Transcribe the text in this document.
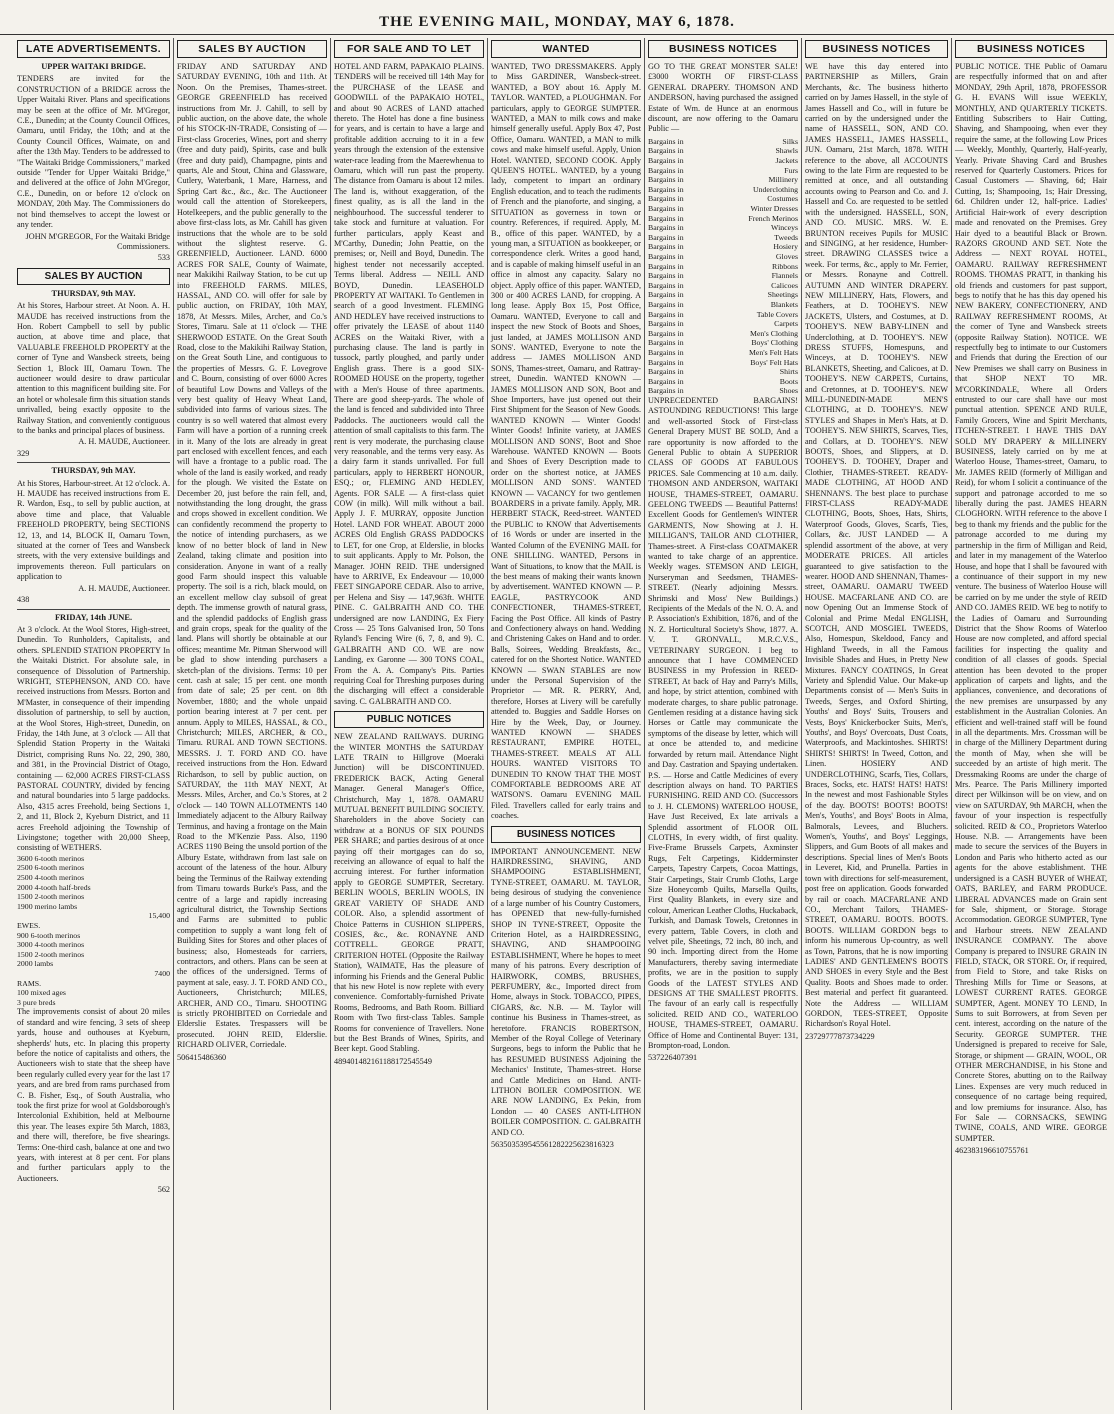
THE EVENING MAIL, MONDAY, MAY 6, 1878.
LATE ADVERTISEMENTS.
UPPER WAITAKI BRIDGE.
TENDERS are invited for the CONSTRUCTION of a BRIDGE across the Upper Waitaki River. Plans and specifications may be seen at the office of Mr. M'Gregor, C.E., Dunedin; at the County Council Offices, Oamaru, until Friday, the 10th; and at the County Council Offices, Waimate, on and after the 13th May. Tenders to be addressed to "The Waitaki Bridge Commissioners," marked outside "Tender for Upper Waitaki Bridge," and delivered at the office of John M'Gregor, C.E., Dunedin, on or before 12 o'clock on MONDAY, 20th May. The Commissioners do not bind themselves to accept the lowest or any tender.
JOHN M'GREGOR, For the Waitaki Bridge Commissioners.
533
SALES BY AUCTION
THURSDAY, 9th MAY.
At his Stores, Harbour street. At Noon. A. H. MAUDE has received instructions from the Hon. Robert Campbell to sell by public auction, at above time and place, that VALUABLE FREEHOLD PROPERTY at the corner of Tyne and Wansbeck streets, being Section 1, Block III, Oamaru Town. The auctioneer would desire to draw particular attention to this magnificent building site. For an hotel or wholesale firm this situation stands unrivalled, being exactly opposite to the Railway Station, and conveniently contiguous to the banks and principal places of business.
A. H. MAUDE, Auctioneer.
329
THURSDAY, 9th MAY.
At his Stores, Harbour-street. At 12 o'clock. A. H. MAUDE has received instructions from E. R. Wardon, Esq., to sell by public auction, at above time and place, that Valuable FREEHOLD PROPERTY, being SECTIONS 12, 13, and 14, BLOCK II, Oamaru Town, situated at the corner of Tees and Wansbeck streets, with the very extensive buildings and improvements thereon. Full particulars on application to
A. H. MAUDE, Auctioneer.
438
FRIDAY, 14th JUNE.
At 3 o'clock. At the Wool Stores, High-street, Dunedin. To Runholders, Capitalists, and others. SPLENDID STATION PROPERTY In the Waitaki District. For absolute sale, in consequence of Dissolution of Partnership. WRIGHT, STEPHENSON, AND CO. have received instructions from Messrs. Borton and M'Master, in consequence of their impending dissolution of partnership, to sell by auction, at the Wool Stores, High-street, Dunedin, on Friday, the 14th June, at 3 o'clock — All that Splendid Station Property in the Waitaki District, comprising Runs No. 22, 290, 380, and 381, in the Provincial District of Otago, containing — 62,000 ACRES FIRST-CLASS PASTORAL COUNTRY, divided by fencing and natural boundaries into 5 large paddocks. Also, 4315 acres Freehold, being Sections 1, 2, and 11, Block 2, Kyeburn District, and 11 acres Freehold adjoining the Township of Livingstone; together with 20,000 Sheep, consisting of WETHERS.
3600 6-tooth merinos
2500 6-tooth merinos
2500 4-tooth merinos
2000 4-tooth half-breds
1500 2-tooth merinos
1900 merino lambs
15,400
EWES.
900 6-tooth merinos
3000 4-tooth merinos
1500 2-tooth merinos
2000 lambs
7400
RAMS.
100 mixed ages
3 pure breds
The improvements consist of about 20 miles of standard and wire fencing, 3 sets of sheep yards, house and outhouses at Kyeburn, shepherds' huts, etc. In placing this property before the notice of capitalists and others, the Auctioneers wish to state that the sheep have been regularly culled every year for the last 17 years, and are bred from rams purchased from C. B. Fisher, Esq., of South Australia, who took the first prize for wool at Goldsborough's Intercolonial Exhibition, held at Melbourne this year. The leases expire 5th March, 1883, and there will, therefore, be five shearings. Terms: One-third cash, balance at one and two years, with interest at 8 per cent. For plans and further particulars apply to the Auctioneers.
562
SALES BY AUCTION
FRIDAY AND SATURDAY AND SATURDAY EVENING, 10th and 11th. At Noon. On the Premises, Thames-street. GEORGE GREENFIELD has received instructions from Mr. J. Cahill, to sell by public auction, on the above date, the whole of his STOCK-IN-TRADE, Consisting of — First-class Groceries, Wines, port and sherry (free and duty paid), Spirits, case and bulk (free and duty paid), Champagne, pints and quarts, Ale and Stout, China and Glassware, Cutlery, Waterbank, 1 Mare, Harness, and Spring Cart &c., &c., &c. The Auctioneer would call the attention of Storekeepers, Hotelkeepers, and the public generally to the above first-class lots, as Mr. Cahill has given instructions that the whole are to be sold without the slightest reserve. G. GREENFIELD, Auctioneer. LAND. 6000 ACRES FOR SALE, County of Waimate, near Makikihi Railway Station, to be cut up into FREEHOLD FARMS. MILES, HASSAL, AND CO. will offer for sale by public auction, on FRIDAY, 10th MAY, 1878, At Messrs. Miles, Archer, and Co.'s Stores, Timaru. Sale at 11 o'clock — THE SHERWOOD ESTATE. On the Great South Road, close to the Makikihi Railway Station, on the Great South Line, and contiguous to the properties of Messrs. G. F. Lovegrove and C. Bourn, consisting of over 6000 Acres of beautiful Low Downs and Valleys of the very best quality of Heavy Wheat Land, subdivided into farms of various sizes. The country is so well watered that almost every Farm will have a portion of a running creek in it. Many of the lots are already in great part enclosed with excellent fences, and each will have a frontage to a public road. The whole of the land is easily worked, and ready for the plough. We visited the Estate on December 20, just before the rain fell, and, notwithstanding the long drought, the grass and crops showed in excellent condition. We can confidently recommend the property to the notice of intending purchasers, as we know of no better block of land in New Zealand, taking climate and position into consideration. Anyone in want of a really good Farm should inspect this valuable property. The soil is a rich, black mould, on an excellent mellow clay subsoil of great depth. The immense growth of natural grass, and the splendid paddocks of English grass and grain crops, speak for the quality of the land. Plans will shortly be obtainable at our offices; meantime Mr. Pitman Sherwood will be glad to show intending purchasers a sketch-plan of the divisions. Terms: 10 per cent. cash at sale; 15 per cent. one month from date of sale; 25 per cent. on 8th November, 1880; and the whole unpaid portion bearing interest at 7 per cent. per annum. Apply to MILES, HASSAL, & CO., Christchurch; MILES, ARCHER, & CO., Timaru. RURAL AND TOWN SECTIONS. MESSRS. J. T. FORD AND CO. have received instructions from the Hon. Edward Richardson, to sell by public auction, on SATURDAY, the 11th MAY NEXT, At Messrs. Miles, Archer, and Co.'s Stores, at 2 o'clock — 140 TOWN ALLOTMENTS 140 Immediately adjacent to the Albury Railway Terminus, and having a frontage on the Main Road to the M'Kenzie Pass. Also, 1190 ACRES 1190 Being the unsold portion of the Albury Estate, withdrawn from last sale on account of the lateness of the hour. Albury being the Terminus of the Railway extending from Timaru towards Burke's Pass, and the centre of a large and rapidly increasing agricultural district, the Township Sections and Farms are submitted to public competition to supply a want long felt of Building Sites for Stores and other places of business; also, Homesteads for carriers, contractors, and others. Plans can be seen at the offices of the undersigned. Terms of payment at sale, easy. J. T. FORD AND CO., Auctioneers, Christchurch; MILES, ARCHER, AND CO., Timaru. SHOOTING is strictly PROHIBITED on Corriedale and Elderslie Estates. Trespassers will be prosecuted. JOHN REID, Elderslie. RICHARD OLIVER, Corriedale.
506415486360
FOR SALE AND TO LET
HOTEL AND FARM, PAPAKAIO PLAINS. TENDERS will be received till 14th May for the PURCHASE of the LEASE and GOODWILL of the PAPAKAIO HOTEL, and about 90 ACRES of LAND attached thereto. The Hotel has done a fine business for years, and is certain to have a large and profitable addition accruing to it in a few years through the extension of the extensive water-race leading from the Maerewhenua to Oamaru, which will run past the property. The distance from Oamaru is about 12 miles. The land is, without exaggeration, of the finest quality, as is all the land in the neighbourhood. The successful tenderer to take stock and furniture at valuation. For further particulars, apply Keast and M'Carthy, Dunedin; John Peattie, on the premises; or, Neill and Boyd, Dunedin. The highest tender not necessarily accepted. Terms liberal. Address — NEILL AND BOYD, Dunedin. LEASEHOLD PROPERTY AT WAITAKI. To Gentlemen in search of a good Investment. FLEMING AND HEDLEY have received instructions to offer privately the LEASE of about 1140 ACRES on the Waitaki River, with a purchasing clause. The land is partly in tussock, partly ploughed, and partly under English grass. There is a good SIX-ROOMED HOUSE on the property, together with a Men's House of three apartments. There are good sheep-yards. The whole of the land is fenced and subdivided into Three Paddocks. The auctioneers would call the attention of small capitalists to this farm. The rent is very moderate, the purchasing clause very reasonable, and the terms very easy. As a dairy farm it stands unrivalled. For full particulars, apply to HERBERT HONOUR, ESQ.; or, FLEMING AND HEDLEY, Agents. FOR SALE — A first-class quiet COW (in milk). Will milk without a bail. Apply J. F. MURRAY, opposite Junction Hotel. LAND FOR WHEAT. ABOUT 2000 ACRES Old English GRASS PADDOCKS to LET, for one Crop, at Elderslie, in blocks to suit applicants. Apply to Mr. Polson, the Manager. JOHN REID. THE undersigned have to ARRIVE, Ex Endeavour — 10,000 FEET SINGAPORE CEDAR. Also to arrive, per Helena and Sisy — 147,963ft. WHITE PINE. C. GALBRAITH AND CO. THE undersigned are now LANDING, Ex Fiery Cross — 25 Tons Galvanised Iron, 50 Tons Ryland's Fencing Wire (6, 7, 8, and 9). C. GALBRAITH AND CO. WE are now Landing, ex Garonne — 300 TONS COAL, From the A. A. Company's Pits. Parties requiring Coal for Threshing purposes during the discharging will effect a considerable saving. C. GALBRAITH AND CO.
PUBLIC NOTICES
NEW ZEALAND RAILWAYS. DURING the WINTER MONTHS the SATURDAY LATE TRAIN to Hillgrove (Moeraki Junction) will be DISCONTINUED. FREDERICK BACK, Acting General Manager. General Manager's Office, Christchurch, May 1, 1878. OAMARU MUTUAL BENEFIT BUILDING SOCIETY. Shareholders in the above Society can withdraw at a BONUS OF SIX POUNDS PER SHARE; and parties desirous of at once paying off their mortgages can do so, receiving an allowance of equal to half the accruing interest. For further information apply to GEORGE SUMPTER, Secretary. BERLIN WOOLS, BERLIN WOOLS, IN GREAT VARIETY OF SHADE AND COLOR. Also, a splendid assortment of Choice Patterns in CUSHION SLIPPERS, COSIES, &c., &c. RONAYNE AND COTTRELL. GEORGE PRATT, CRITERION HOTEL (Opposite the Railway Station), WAIMATE, Has the pleasure of informing his Friends and the General Public that his new Hotel is now replete with every convenience. Comfortably-furnished Private Rooms, Bedrooms, and Bath Room. Billiard Room with Two first-class Tables. Sample Rooms for convenience of Travellers. None but the Best Brands of Wines, Spirits, and Beer kept. Good Stabling.
489401482161188172545549
WANTED
WANTED, TWO DRESSMAKERS. Apply to Miss GARDINER, Wansbeck-street. WANTED, a BOY about 16. Apply M. TAYLOR. WANTED, a PLOUGHMAN. For particulars, apply to GEORGE SUMPTER. WANTED, a MAN to milk cows and make himself generally useful. Apply Box 47, Post Office, Oamaru. WANTED, a MAN to milk cows and make himself useful. Apply, Union Hotel. WANTED, SECOND COOK. Apply QUEEN'S HOTEL. WANTED, by a young lady, competent to impart an ordinary English education, and to teach the rudiments of French and the pianoforte, and singing, a SITUATION as governess in town or country. References, if required. Apply, M. B., office of this paper. WANTED, by a young man, a SITUATION as bookkeeper, or correspondence clerk. Writes a good hand, and is capable of making himself useful in an office in almost any capacity. Salary no object. Apply office of this paper. WANTED, 300 or 400 ACRES LAND, for cropping. A long lease. Apply Box 15, Post Office, Oamaru. WANTED, Everyone to call and inspect the new Stock of Boots and Shoes, just landed, at JAMES MOLLISON AND SONS'. WANTED, Everyone to note the address — JAMES MOLLISON AND SONS, Thames-street, Oamaru, and Rattray-street, Dunedin. WANTED KNOWN — JAMES MOLLISON AND SON, Boot and Shoe Importers, have just opened out their First Shipment for the Season of New Goods. WANTED KNOWN — Winter Goods! Winter Goods! Infinite variety, at JAMES MOLLISON AND SONS', Boot and Shoe Warehouse. WANTED KNOWN — Boots and Shoes of Every Description made to order on the shortest notice, at JAMES MOLLISON AND SONS'. WANTED KNOWN — VACANCY for two gentlemen BOARDERS in a private family. Apply, MR. HERBERT STACK, Reed-street. WANTED the PUBLIC to KNOW that Advertisements of 16 Words or under are inserted in the Wanted Column of the EVENING MAIL for ONE SHILLING. WANTED, Persons in Want of Situations, to know that the MAIL is the best means of making their wants known by advertisement. WANTED KNOWN — P. EAGLE, PASTRYCOOK AND CONFECTIONER, THAMES-STREET, Facing the Post Office. All kinds of Pastry and Confectionery always on hand. Wedding and Christening Cakes on Hand and to order. Balls, Soirees, Wedding Breakfasts, &c., catered for on the Shortest Notice. WANTED KNOWN — SWAN STABLES are now under the Personal Supervision of the Proprietor — MR. R. PERRY, And, therefore, Horses at Livery will be carefully attended to. Buggies and Saddle Horses on Hire by the Week, Day, or Journey. WANTED KNOWN — SHADES RESTAURANT, EMPIRE HOTEL, THAMES-STREET. MEALS AT ALL HOURS. WANTED VISITORS TO DUNEDIN TO KNOW THAT THE MOST COMFORTABLE BEDROOMS ARE AT WATSON'S. Oamaru EVENING MAIL Filed. Travellers called for early trains and coaches.
BUSINESS NOTICES
IMPORTANT ANNOUNCEMENT. NEW HAIRDRESSING, SHAVING, AND SHAMPOOING ESTABLISHMENT, TYNE-STREET, OAMARU. M. TAYLOR, being desirous of studying the convenience of a large number of his Country Customers, has OPENED that new-fully-furnished SHOP IN TYNE-STREET, Opposite the Criterion Hotel, as a HAIRDRESSING, SHAVING, AND SHAMPOOING ESTABLISHMENT, Where he hopes to meet many of his patrons. Every description of HAIRWORK, COMBS, BRUSHES, PERFUMERY, &c., Imported direct from Home, always in Stock. TOBACCO, PIPES, CIGARS, &c. N.B. — M. Taylor will continue his Business in Thames-street, as heretofore. FRANCIS ROBERTSON, Member of the Royal College of Veterinary Surgeons, begs to inform the Public that he has RESUMED BUSINESS Adjoining the Mechanics' Institute, Thames-street. Horse and Cattle Medicines on Hand. ANTI-LITHON BOILER COMPOSITION. WE ARE NOW LANDING, Ex Pekin, from London — 40 CASES ANTI-LITHON BOILER COMPOSITION. C. GALBRAITH AND CO.
563503539545561282225623816323
BUSINESS NOTICES
GO TO THE GREAT MONSTER SALE! £3000 WORTH OF FIRST-CLASS GENERAL DRAPERY. THOMSON AND ANDERSON, having purchased the assigned Estate of Wm. de Hunce at an enormous discount, are now offering to the Oamaru Public —
Bargains in	Silks
Bargains in	Shawls
Bargains in	Jackets
Bargains in	Furs
Bargains in	Millinery
Bargains in	Underclothing
Bargains in	Costumes
Bargains in	Winter Dresses
Bargains in	French Merinos
Bargains in	Winceys
Bargains in	Tweeds
Bargains in	Hosiery
Bargains in	Gloves
Bargains in	Ribbons
Bargains in	Flannels
Bargains in	Calicoes
Bargains in	Sheetings
Bargains in	Blankets
Bargains in	Table Covers
Bargains in	Carpets
Bargains in	Men's Clothing
Bargains in	Boys' Clothing
Bargains in	Men's Felt Hats
Bargains in	Boys' Felt Hats
Bargains in	Shirts
Bargains in	Boots
Bargains in	Shoes
UNPRECEDENTED BARGAINS! ASTOUNDING REDUCTIONS! This large and well-assorted Stock of First-class General Drapery MUST BE SOLD, And a rare opportunity is now afforded to the General Public to obtain A SUPERIOR CLASS OF GOODS AT FABULOUS PRICES. Sale Commencing at 10 a.m. daily. THOMSON AND ANDERSON, WAITAKI HOUSE, THAMES-STREET, OAMARU. GEELONG TWEEDS — Beautiful Patterns! Excellent Goods for Gentlemen's WINTER GARMENTS, Now Showing at J. H. MILLIGAN'S, TAILOR AND CLOTHIER, Thames-street. A First-class COATMAKER wanted to take charge of an apprentice. Weekly wages. STEMSON AND LEIGH, Nurseryman and Seedsmen, THAMES-STREET. (Nearly adjoining Messrs. Shrimski and Moss' New Buildings.) Recipients of the Medals of the N. O. A. and P. Association's Exhibition, 1876, and of the N. Z. Horticultural Society's Show, 1877. A. V. T. GRONVALL, M.R.C.V.S., VETERINARY SURGEON. I beg to announce that I have COMMENCED BUSINESS in my Profession in REED-STREET, At back of Hay and Parry's Mills, and hope, by strict attention, combined with moderate charges, to share public patronage. Gentlemen residing at a distance having sick Horses or Cattle may communicate the symptoms of the disease by letter, which will at once be attended to, and medicine forwarded by return mail. Attendance Night and Day. Castration and Spaying undertaken. P.S. — Horse and Cattle Medicines of every description always on hand. TO PARTIES FURNISHING. REID AND CO. (Successors to J. H. CLEMONS) WATERLOO HOUSE, Have Just Received, Ex late arrivals a Splendid assortment of FLOOR OIL CLOTHS, In every width, of first quality. Five-Frame Brussels Carpets, Axminster Rugs, Felt Carpetings, Kidderminster Carpets, Tapestry Carpets, Cocoa Mattings, Stair Carpetings, Stair Crumb Cloths, Large Size Honeycomb Quilts, Marsella Quilts, First Quality Blankets, in every size and colour, American Leather Cloths, Huckaback, Turkish, and Damask Towels, Cretonnes in every pattern, Table Covers, in cloth and velvet pile, Sheetings, 72 inch, 80 inch, and 90 inch. Importing direct from the Home Manufacturers, thereby saving intermediate profits, we are in the position to supply Goods of the LATEST STYLES AND DESIGNS AT THE SMALLEST PROFITS. The favour of an early call is respectfully solicited. REID AND CO., WATERLOO HOUSE, THAMES-STREET, OAMARU. Office of Home and Continental Buyer: 131, Brompton-road, London.
537226407391
BUSINESS NOTICES
WE have this day entered into PARTNERSHIP as Millers, Grain Merchants, &c. The business hitherto carried on by James Hassell, in the style of James Hassell and Co., will in future be carried on by the undersigned under the name of HASSELL, SON, AND CO. JAMES HASSELL, JAMES HASSELL, JUN. Oamaru, 21st March, 1878. WITH reference to the above, all ACCOUNTS owing to the late Firm are requested to be remitted at once, and all outstanding accounts owing to Pearson and Co. and J. Hassell and Co. are requested to be settled with the undersigned. HASSELL, SON, AND CO. MUSIC. MRS. W. E. BRUNTON receives Pupils for MUSIC and SINGING, at her residence, Humber-street. DRAWING CLASSES twice a week. For terms, &c., apply to Mr. Ferrier, or Messrs. Ronayne and Cottrell. AUTUMN AND WINTER DRAPERY. NEW MILLINERY, Hats, Flowers, and Feathers, at D. TOOHEY'S. NEW JACKETS, Ulsters, and Costumes, at D. TOOHEY'S. NEW BABY-LINEN and Underclothing, at D. TOOHEY'S. NEW DRESS STUFFS, Homespuns, and Winceys, at D. TOOHEY'S. NEW BLANKETS, Sheeting, and Calicoes, at D. TOOHEY'S. NEW CARPETS, Curtains, and Cretonnes, at D. TOOHEY'S. NEW MILL-DUNEDIN-MADE MEN'S CLOTHING, at D. TOOHEY'S. NEW STYLES and Shapes in Men's Hats, at D. TOOHEY'S. NEW SHIRTS, Scarves, Ties, and Collars, at D. TOOHEY'S. NEW BOOTS, Shoes, and Slippers, at D. TOOHEY'S. D. TOOHEY, Draper and Clothier, THAMES-STREET. READY-MADE CLOTHING, AT HOOD AND SHENNAN'S. The best place to purchase FIRST-CLASS READY-MADE CLOTHING, Boots, Shoes, Hats, Shirts, Waterproof Goods, Gloves, Scarfs, Ties, Collars, &c. JUST LANDED — A splendid assortment of the above, at very MODERATE PRICES. All articles guaranteed to give satisfaction to the wearer. HOOD AND SHENNAN, Thames-street, OAMARU. OAMARU TWEED HOUSE. MACFARLANE AND CO. are now Opening Out an Immense Stock of Colonial and Prime Medal ENGLISH, SCOTCH, AND MOSGIEL TWEEDS, Also, Homespun, Skeldood, Fancy and Highland Tweeds, in all the Famous Invisible Shades and Hues, in Pretty New Mixtures. FANCY COATINGS, In Great Variety and Splendid Value. Our Make-up Departments consist of — Men's Suits in Tweeds, Serges, and Oxford Shirting, Youths' and Boys' Suits, Trousers and Vests, Boys' Knickerbocker Suits, Men's, Youths', and Boys' Overcoats, Dust Coats, Waterproofs, and Mackintoshes. SHIRTS! SHIRTS! SHIRTS! In Tweed, Cotton, and Linen. HOSIERY AND UNDERCLOTHING, Scarfs, Ties, Collars, Braces, Socks, etc. HATS! HATS! HATS! In the newest and most Fashionable Styles of the day. BOOTS! BOOTS! BOOTS! Men's, Youths', and Boys' Boots in Alma, Balmorals, Levees, and Bluchers. Women's, Youths', and Boys' Leggings, Slippers, and Gum Boots of all makes and descriptions. Special lines of Men's Boots in Leveret, Kid, and Prunella. Parties in town with directions for self-measurement, post free on application. Goods forwarded by rail or coach. MACFARLANE AND CO., Merchant Tailors, THAMES-STREET, OAMARU. BOOTS. BOOTS. BOOTS. WILLIAM GORDON begs to inform his numerous Up-country, as well as Town, Patrons, that he is now importing LADIES' AND GENTLEMEN'S BOOTS AND SHOES in every Style and the Best Quality. Boots and Shoes made to order. Best material and perfect fit guaranteed. Note the Address — WILLIAM GORDON, TEES-STREET, Opposite Richardson's Royal Hotel.
23729777873734229
BUSINESS NOTICES
PUBLIC NOTICE. THE Public of Oamaru are respectfully informed that on and after MONDAY, 29th April, 1878, PROFESSOR G. H. EVANS Will issue WEEKLY, MONTHLY, AND QUARTERLY TICKETS. Entitling Subscribers to Hair Cutting, Shaving, and Shampooing, when ever they require the same, at the following Low Prices — Weekly, Monthly, Quarterly, Half-yearly, Yearly. Private Shaving Card and Brushes reserved for Quarterly Customers. Prices for Casual Customers — Shaving, 6d; Hair Cutting, 1s; Shampooing, 1s; Hair Dressing, 6d. Children under 12, half-price. Ladies' Artificial Hair-work of every description made and renovated on the Premises. Grey Hair dyed to a beautiful Black or Brown. RAZORS GROUND AND SET. Note the Address — NEXT ROYAL HOTEL, OAMARU. RAILWAY REFRESHMENT ROOMS. THOMAS PRATT, in thanking his old friends and customers for past support, begs to notify that he has this day opened his NEW BAKERY, CONFECTIONERY, AND RAILWAY REFRESHMENT ROOMS, At the corner of Tyne and Wansbeck streets (opposite Railway Station). NOTICE. WE respectfully beg to intimate to our Customers and Friends that during the Erection of our New Premises we shall carry on Business in that SHOP NEXT TO MR. M'CORKINDALE, Where all Orders entrusted to our care shall have our most punctual attention. SPENCE AND RULE, Family Grocers, Wine and Spirit Merchants, ITCHEN-STREET. I HAVE THIS DAY SOLD MY DRAPERY & MILLINERY BUSINESS, lately carried on by me at Waterloo House, Thames-street, Oamaru, to Mr. JAMES REID (formerly of Milligan and Reid), for whom I solicit a continuance of the support and patronage accorded to me so liberally during the past. JAMES HEARN CLOGHORN. WITH reference to the above I beg to thank my friends and the public for the patronage accorded to me during my partnership in the firm of Milligan and Reid, and later in my management of the Waterloo House, and hope that I shall be favoured with a continuance of their support in my new venture. The business of Waterloo House will be carried on by me under the style of REID AND CO. JAMES REID. WE beg to notify to the Ladies of Oamaru and Surrounding District that the Show Rooms of Waterloo House are now completed, and afford special facilities for inspecting the quality and condition of all classes of goods. Special attention has been devoted to the proper application of carpets and lights, and the appliances, convenience, and decorations of the new premises are unsurpassed by any establishment in the Australian Colonies. An efficient and well-trained staff will be found in all the departments. Mrs. Crossman will be in charge of the Millinery Department during the month of May, when she will be succeeded by an artiste of high merit. The Dressmaking Rooms are under the charge of Mrs. Pearce. The Paris Millinery imported direct per Wilkinson will be on view, and on view on SATURDAY, 9th MARCH, when the favour of your inspection is respectfully solicited. REID & CO., Proprietors Waterloo House. N.B. — Arrangements have been made to secure the services of the Buyers in London and Paris who hitherto acted as our agents for the above establishment. THE undersigned is a CASH BUYER of WHEAT, OATS, BARLEY, and FARM PRODUCE. LIBERAL ADVANCES made on Grain sent for Sale, shipment, or Storage. Storage Accommodation. GEORGE SUMPTER, Tyne and Harbour streets. NEW ZEALAND INSURANCE COMPANY. The above Company is prepared to INSURE GRAIN IN FIELD, STACK, OR STORE. Or, if required, from Field to Store, and take Risks on Threshing Mills for Time or Seasons, at LOWEST CURRENT RATES. GEORGE SUMPTER, Agent. MONEY TO LEND, In Sums to suit Borrowers, at from Seven per cent. interest, according on the nature of the Security. GEORGE SUMPTER. THE Undersigned is prepared to receive for Sale, Storage, or shipment — GRAIN, WOOL, OR OTHER MERCHANDISE, in his Stone and Concrete Stores, abutting on to the Railway Lines. Expenses are very much reduced in consequence of no cartage being required, and low premiums for insurance. Also, has For Sale — CORNSACKS, SEWING TWINE, COALS, AND WIRE. GEORGE SUMPTER.
462383196610755761
